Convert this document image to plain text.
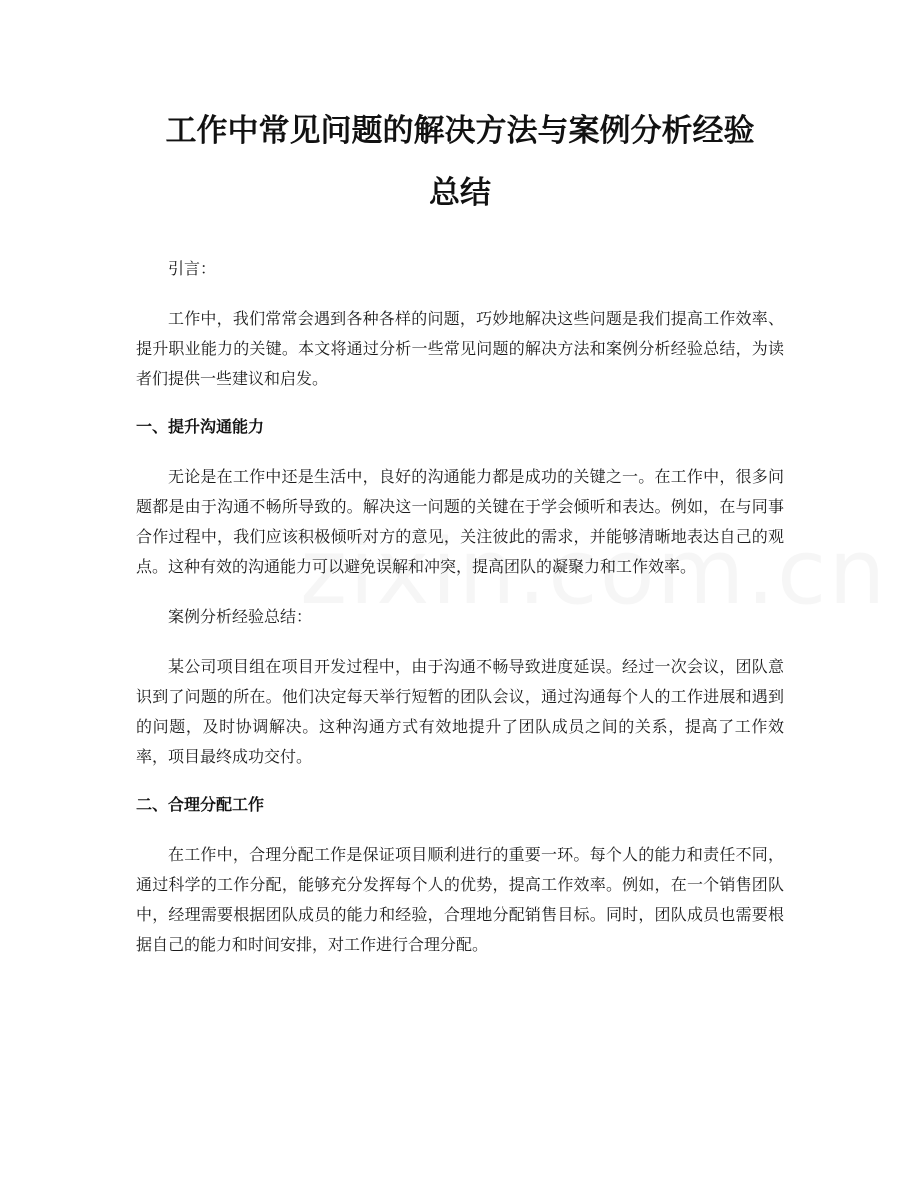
工作中常见问题的解决方法与案例分析经验
总结

引言：

工作中，我们常常会遇到各种各样的问题，巧妙地解决这些问题是我们提高工作效率、提升职业能力的关键。本文将通过分析一些常见问题的解决方法和案例分析经验总结，为读者们提供一些建议和启发。

一、提升沟通能力

无论是在工作中还是生活中，良好的沟通能力都是成功的关键之一。在工作中，很多问题都是由于沟通不畅所导致的。解决这一问题的关键在于学会倾听和表达。例如，在与同事合作过程中，我们应该积极倾听对方的意见，关注彼此的需求，并能够清晰地表达自己的观点。这种有效的沟通能力可以避免误解和冲突，提高团队的凝聚力和工作效率。

案例分析经验总结：

某公司项目组在项目开发过程中，由于沟通不畅导致进度延误。经过一次会议，团队意识到了问题的所在。他们决定每天举行短暂的团队会议，通过沟通每个人的工作进展和遇到的问题，及时协调解决。这种沟通方式有效地提升了团队成员之间的关系，提高了工作效率，项目最终成功交付。

二、合理分配工作

在工作中，合理分配工作是保证项目顺利进行的重要一环。每个人的能力和责任不同，通过科学的工作分配，能够充分发挥每个人的优势，提高工作效率。例如，在一个销售团队中，经理需要根据团队成员的能力和经验，合理地分配销售目标。同时，团队成员也需要根据自己的能力和时间安排，对工作进行合理分配。
